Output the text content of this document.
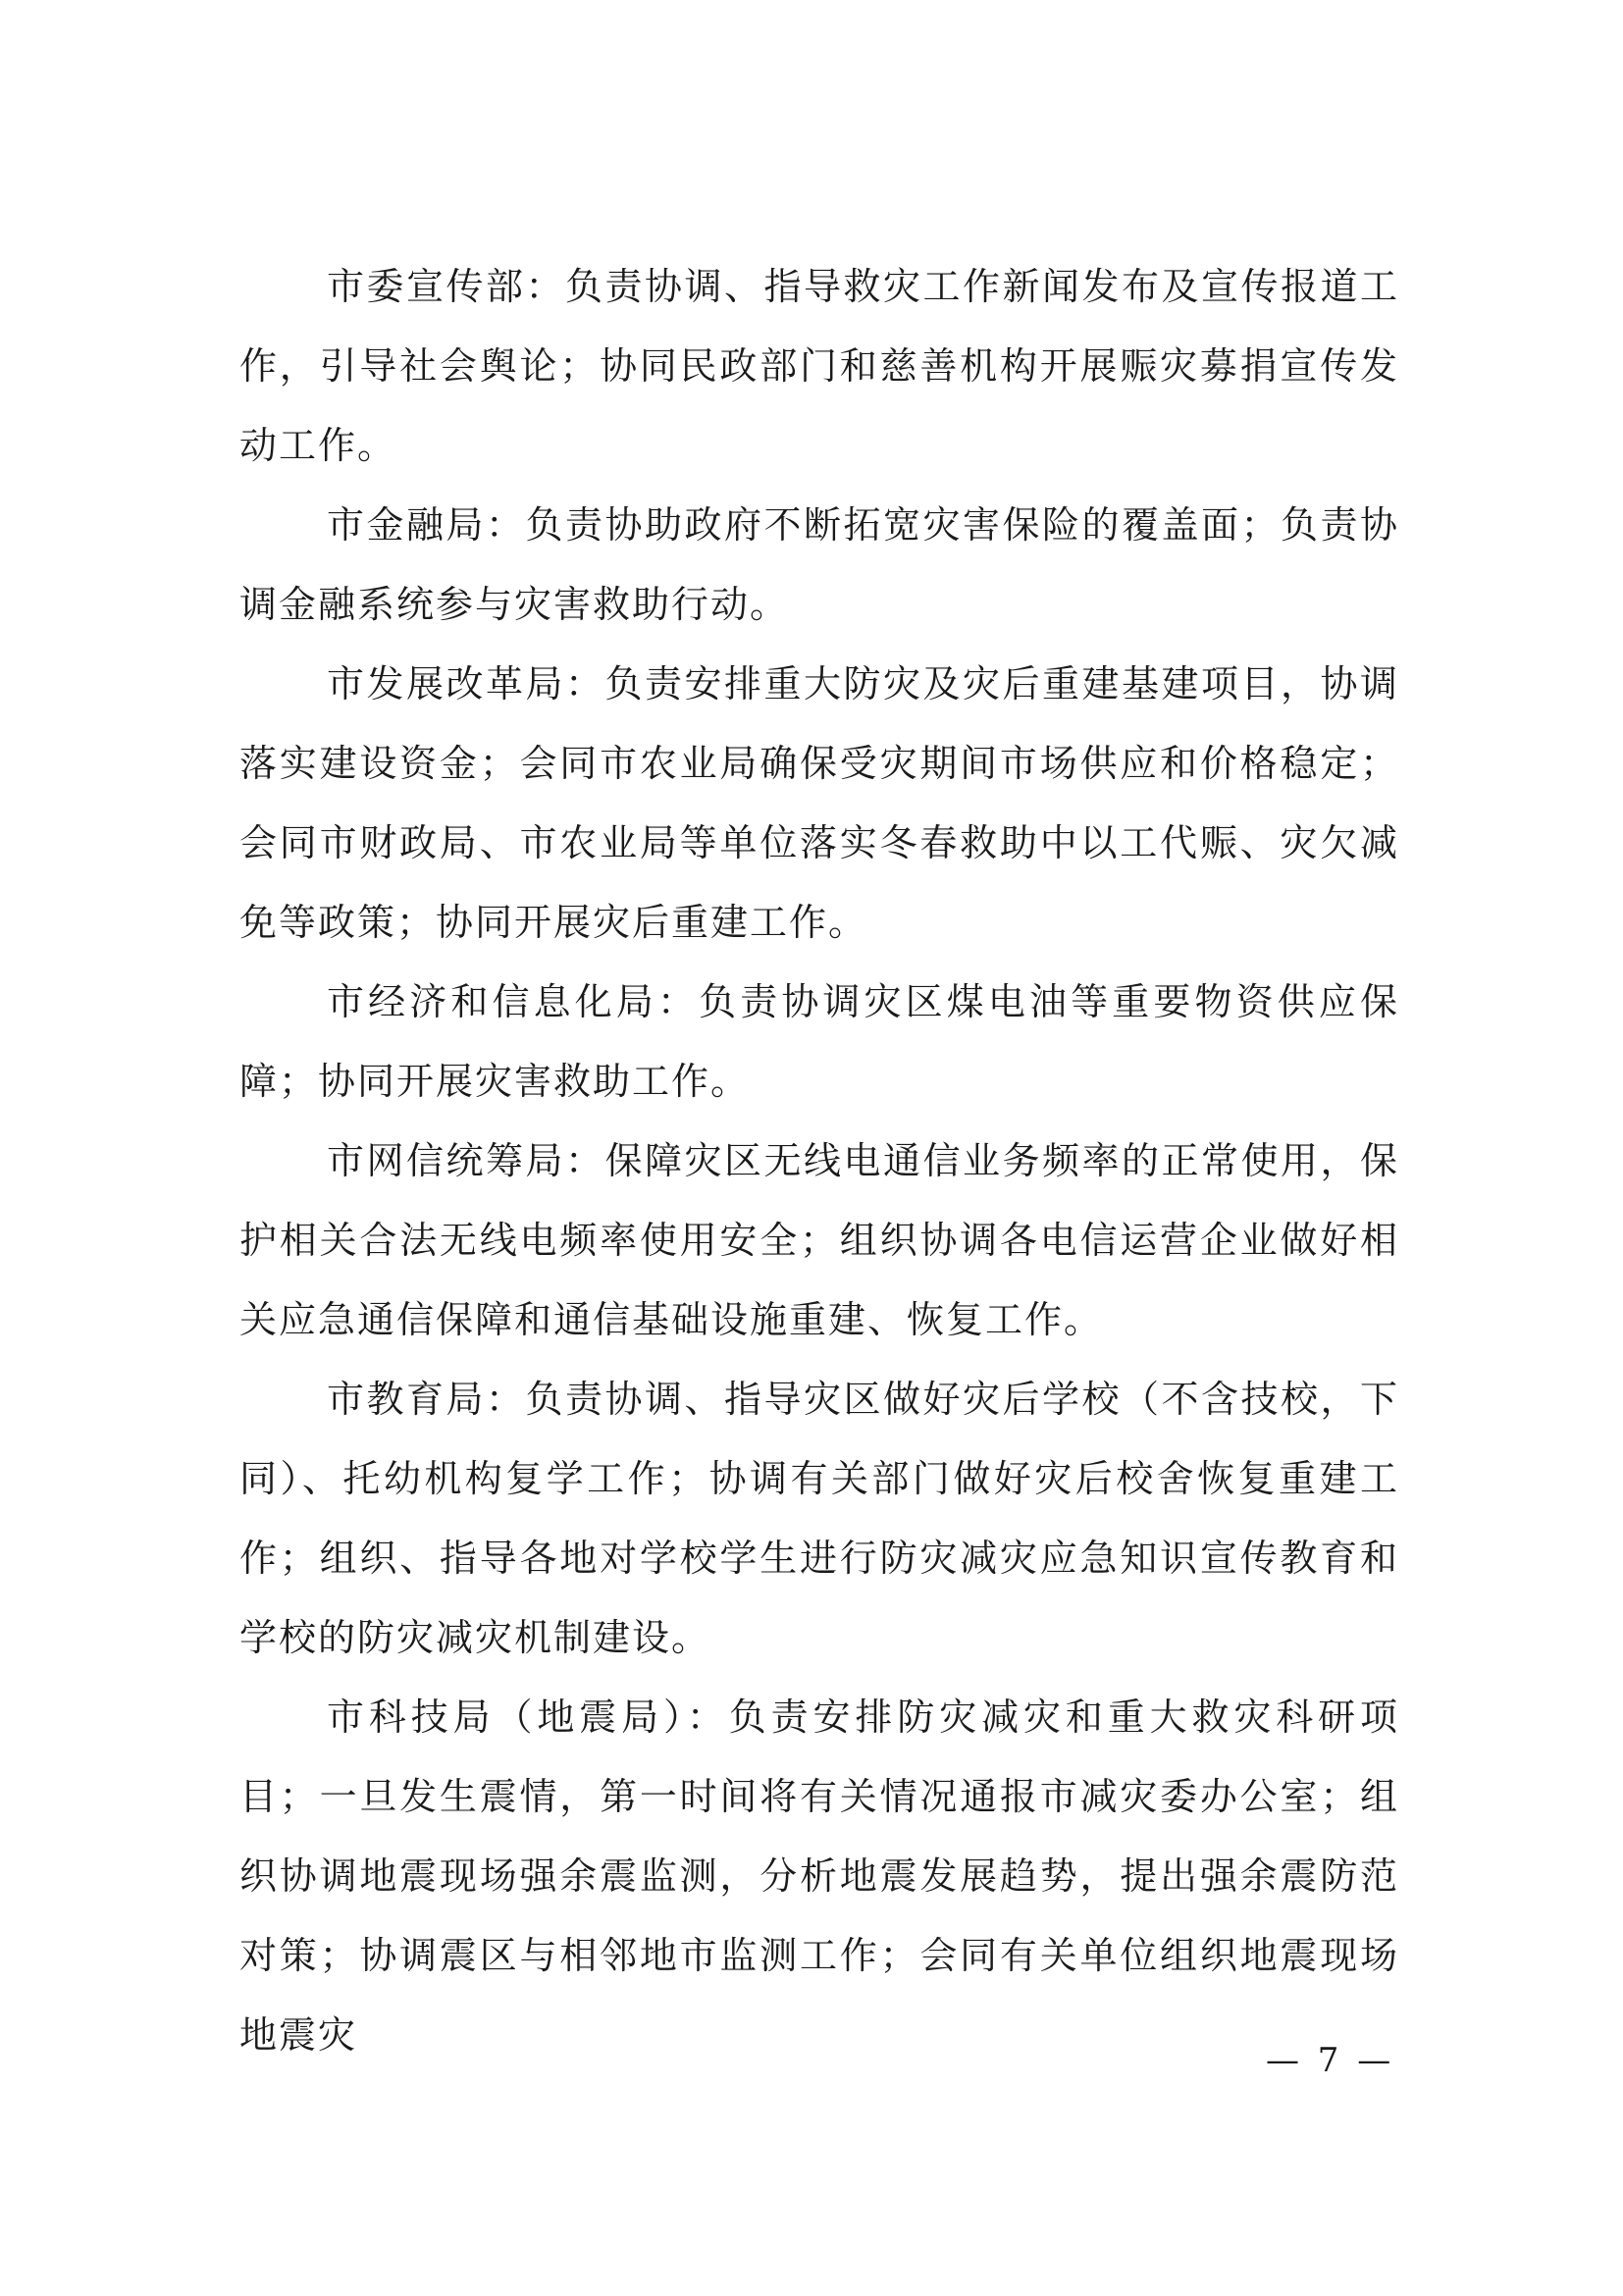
市委宣传部：负责协调、指导救灾工作新闻发布及宣传报道工作，引导社会舆论；协同民政部门和慈善机构开展赈灾募捐宣传发动工作。

市金融局：负责协助政府不断拓宽灾害保险的覆盖面；负责协调金融系统参与灾害救助行动。

市发展改革局：负责安排重大防灾及灾后重建基建项目，协调落实建设资金；会同市农业局确保受灾期间市场供应和价格稳定；会同市财政局、市农业局等单位落实冬春救助中以工代赈、灾欠减免等政策；协同开展灾后重建工作。

市经济和信息化局：负责协调灾区煤电油等重要物资供应保障；协同开展灾害救助工作。

市网信统筹局：保障灾区无线电通信业务频率的正常使用，保护相关合法无线电频率使用安全；组织协调各电信运营企业做好相关应急通信保障和通信基础设施重建、恢复工作。

市教育局：负责协调、指导灾区做好灾后学校（不含技校，下同）、托幼机构复学工作；协调有关部门做好灾后校舍恢复重建工作；组织、指导各地对学校学生进行防灾减灾应急知识宣传教育和学校的防灾减灾机制建设。

市科技局（地震局）：负责安排防灾减灾和重大救灾科研项目；一旦发生震情，第一时间将有关情况通报市减灾委办公室；组织协调地震现场强余震监测，分析地震发展趋势，提出强余震防范对策；协调震区与相邻地市监测工作；会同有关单位组织地震现场地震灾

— 7 —
